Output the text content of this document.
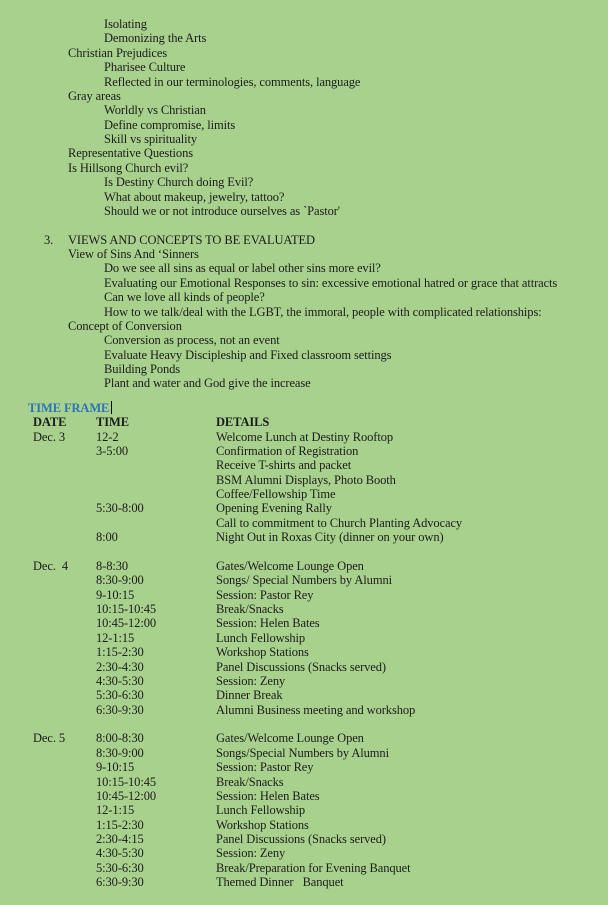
Isolating
Demonizing the Arts
Christian Prejudices
Pharisee Culture
Reflected in our terminologies, comments, language
Gray areas
Worldly vs Christian
Define compromise, limits
Skill vs spirituality
Representative Questions
Is Hillsong Church evil?
Is Destiny Church doing Evil?
What about makeup, jewelry, tattoo?
Should we or not introduce ourselves as `Pastor'
3.	VIEWS AND CONCEPTS TO BE EVALUATED
View of Sins And ‘Sinners
Do we see all sins as equal or label other sins more evil?
Evaluating our Emotional Responses to sin: excessive emotional hatred or grace that attracts
Can we love all kinds of people?
How to we talk/deal with the LGBT, the immoral, people with complicated relationships:
Concept of Conversion
Conversion as process, not an event
Evaluate Heavy Discipleship and Fixed classroom settings
Building Ponds
Plant and water and God give the increase
TIME FRAME
DATE	TIME	DETAILS
Dec. 3	12-2	Welcome Lunch at Destiny Rooftop
3-5:00	Confirmation of Registration
Receive T-shirts and packet
BSM Alumni Displays, Photo Booth
Coffee/Fellowship Time
5:30-8:00	Opening Evening Rally
Call to commitment to Church Planting Advocacy
8:00	Night Out in Roxas City (dinner on your own)
Dec.  4	8-8:30	Gates/Welcome Lounge Open
8:30-9:00	Songs/ Special Numbers by Alumni
9-10:15	Session: Pastor Rey
10:15-10:45	Break/Snacks
10:45-12:00	Session: Helen Bates
12-1:15	Lunch Fellowship
1:15-2:30	Workshop Stations
2:30-4:30	Panel Discussions (Snacks served)
4:30-5:30	Session: Zeny
5:30-6:30	Dinner Break
6:30-9:30	Alumni Business meeting and workshop
Dec. 5	8:00-8:30	Gates/Welcome Lounge Open
8:30-9:00	Songs/Special Numbers by Alumni
9-10:15	Session: Pastor Rey
10:15-10:45	Break/Snacks
10:45-12:00	Session: Helen Bates
12-1:15	Lunch Fellowship
1:15-2:30	Workshop Stations
2:30-4:15	Panel Discussions (Snacks served)
4:30-5:30	Session: Zeny
5:30-6:30	Break/Preparation for Evening Banquet
6:30-9:30	Themed Dinner   Banquet
